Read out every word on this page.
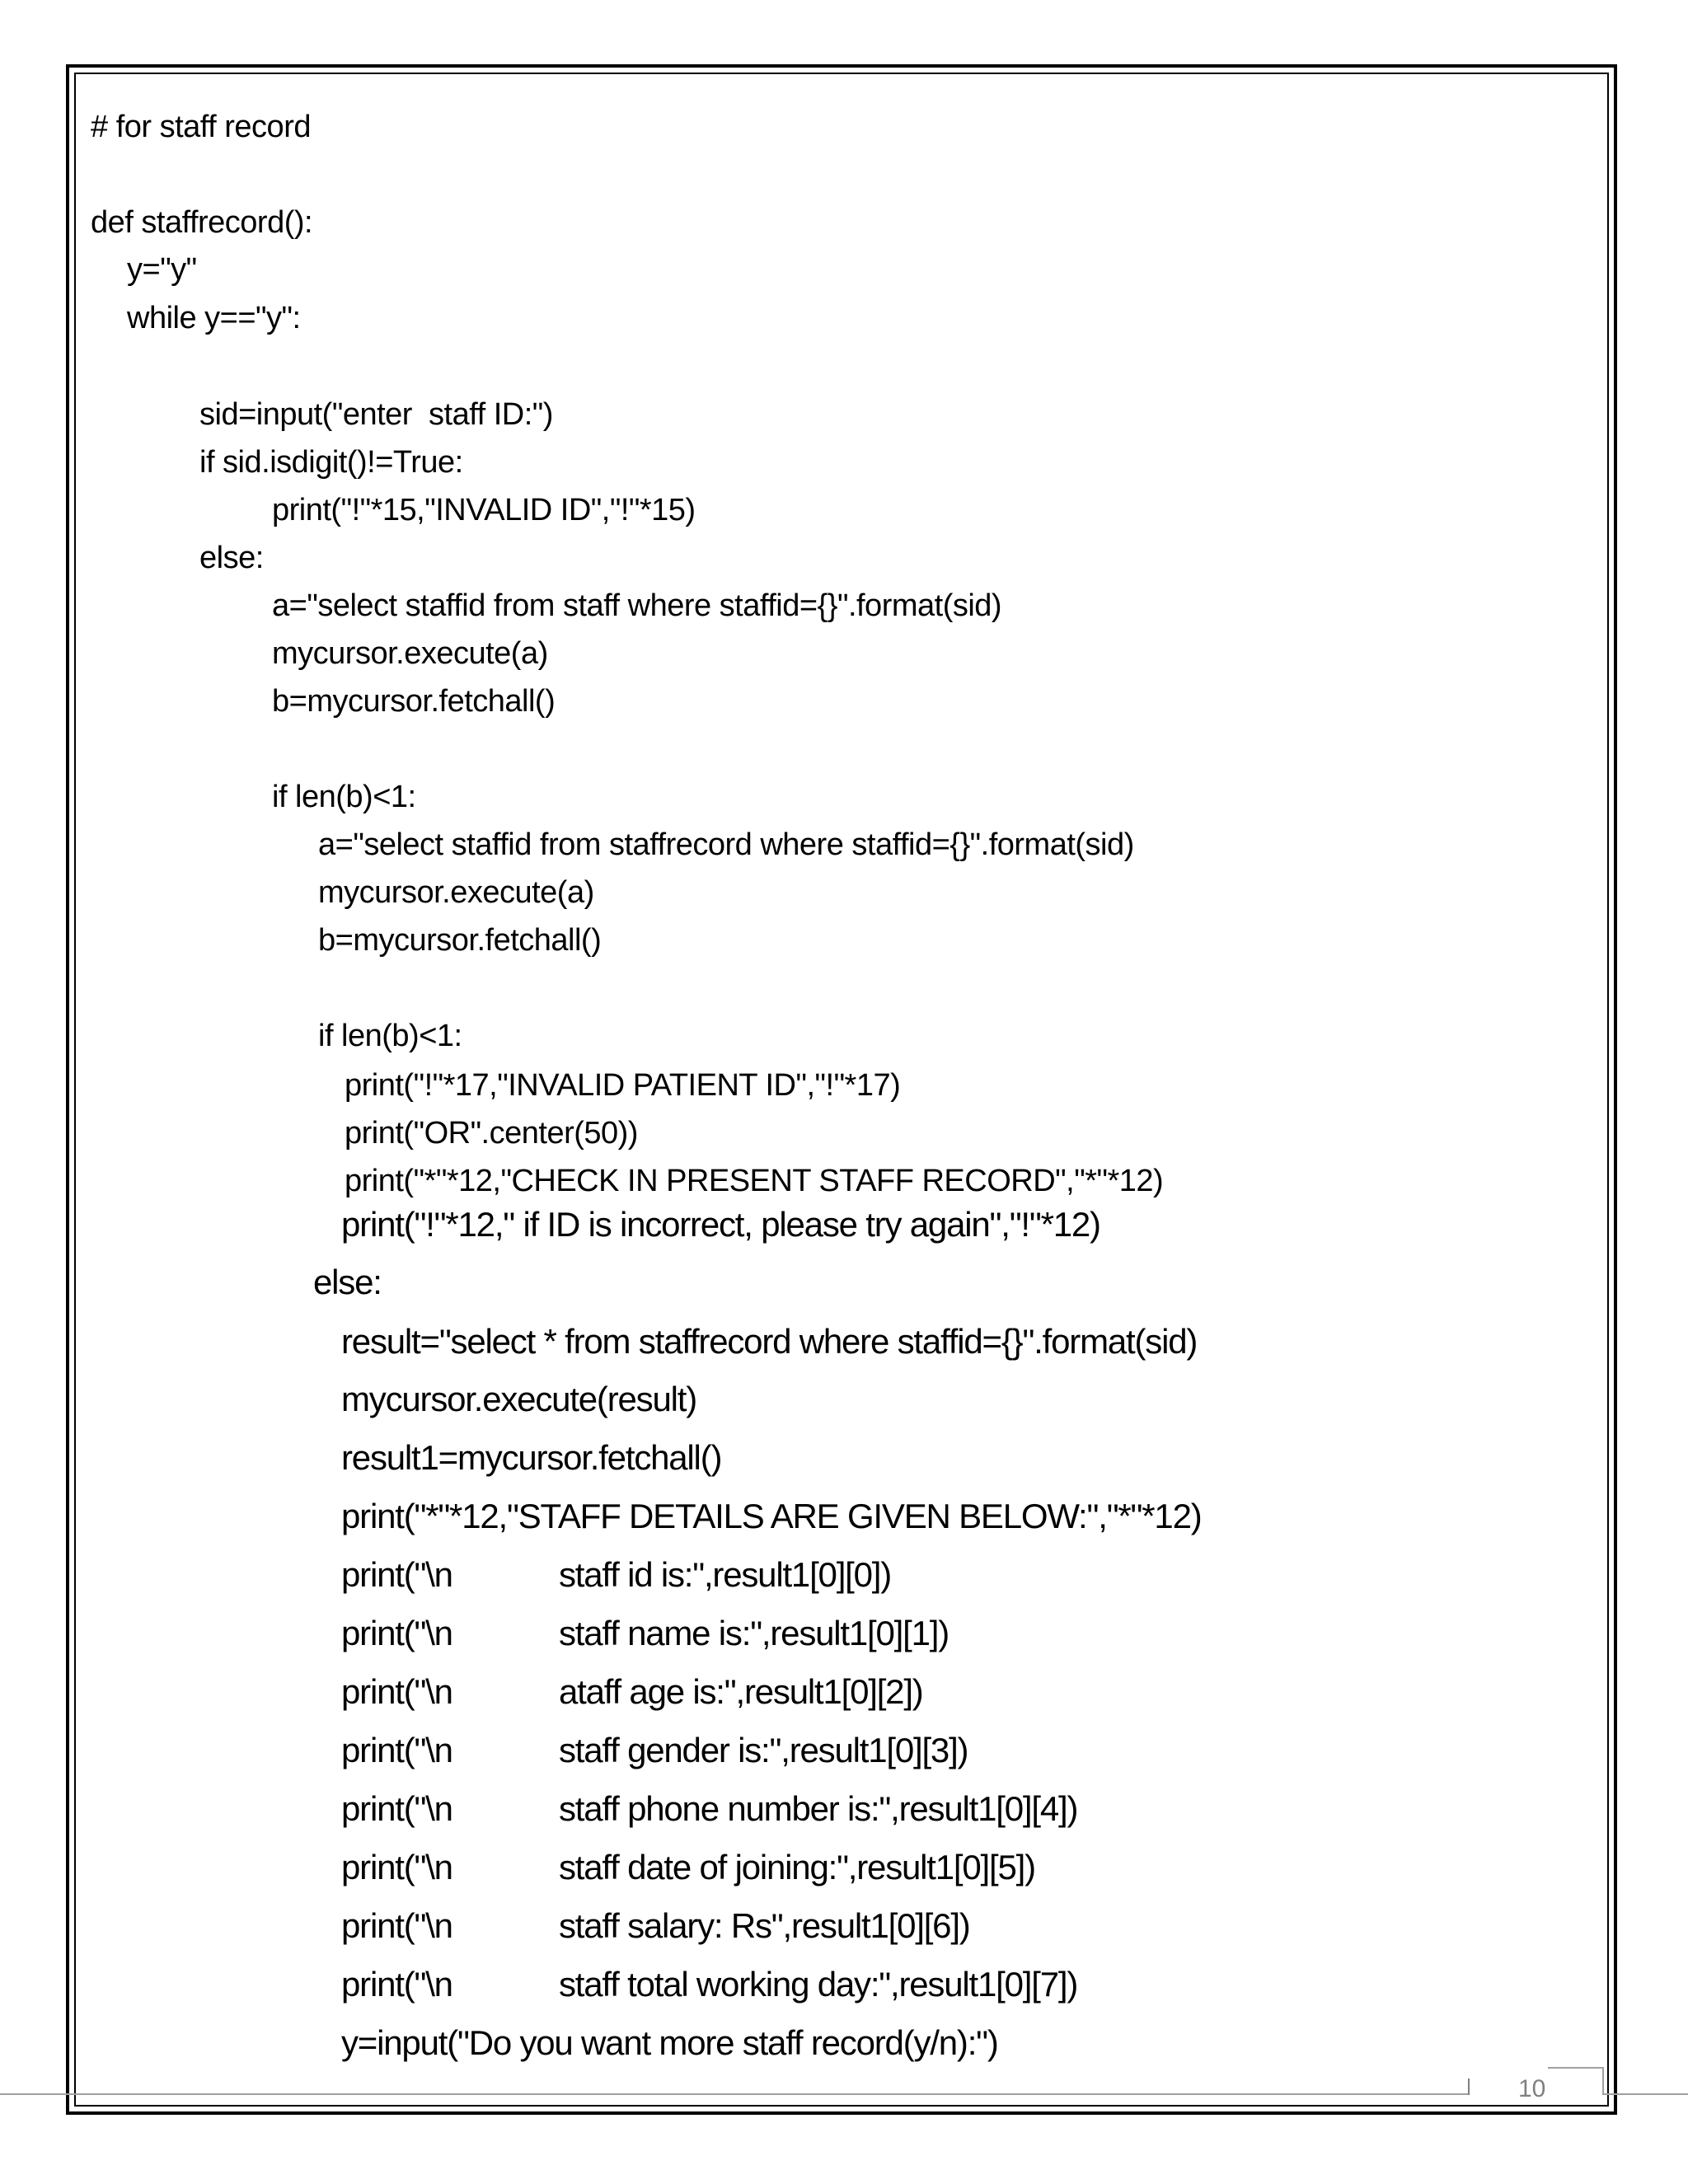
# for staff record
def staffrecord():
y="y"
while y=="y":
sid=input("enter  staff ID:")
if sid.isdigit()!=True:
print("!"*15,"INVALID ID","!"*15)
else:
a="select staffid from staff where staffid={}".format(sid)
mycursor.execute(a)
b=mycursor.fetchall()
if len(b)<1:
a="select staffid from staffrecord where staffid={}".format(sid)
mycursor.execute(a)
b=mycursor.fetchall()
if len(b)<1:
print("!"*17,"INVALID PATIENT ID","!"*17)
print("OR".center(50))
print("*"*12,"CHECK IN PRESENT STAFF RECORD","*"*12)
print("!"*12," if ID is incorrect, please try again","!"*12)
else:
result="select * from staffrecord where staffid={}".format(sid)
mycursor.execute(result)
result1=mycursor.fetchall()
print("*"*12,"STAFF DETAILS ARE GIVEN BELOW:","*"*12)
print("\n	staff id is:",result1[0][0])
print("\n	staff name is:",result1[0][1])
print("\n	ataff age is:",result1[0][2])
print("\n	staff gender is:",result1[0][3])
print("\n	staff phone number is:",result1[0][4])
print("\n	staff date of joining:",result1[0][5])
print("\n	staff salary: Rs",result1[0][6])
print("\n	staff total working day:",result1[0][7])
y=input("Do you want more staff record(y/n):")
10
